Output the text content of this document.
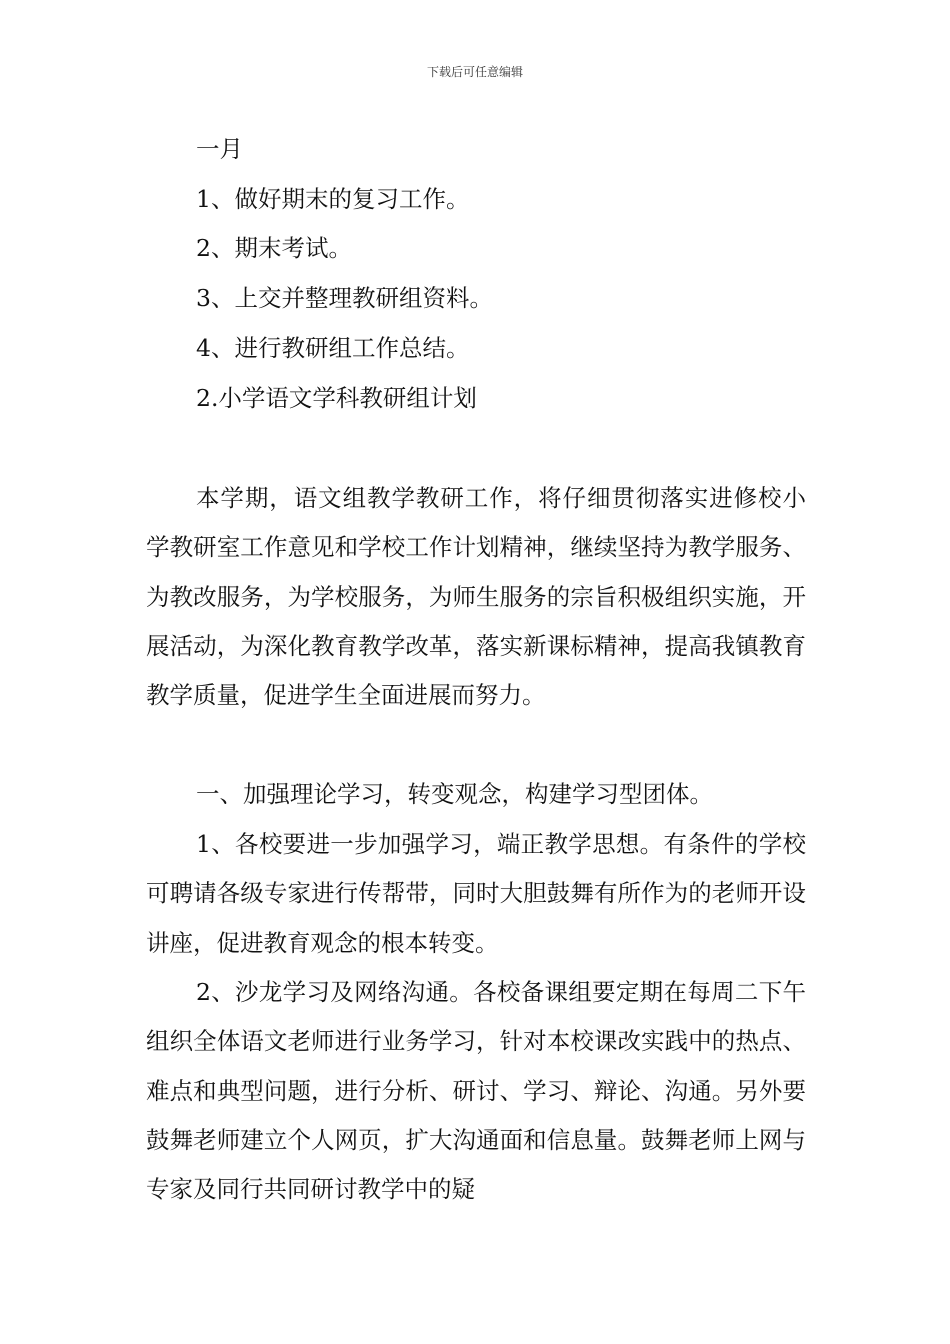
下载后可任意编辑
一月
1、做好期末的复习工作。
2、期末考试。
3、上交并整理教研组资料。
4、进行教研组工作总结。
2.小学语文学科教研组计划
本学期，语文组教学教研工作，将仔细贯彻落实进修校小学教研室工作意见和学校工作计划精神，继续坚持为教学服务、为教改服务，为学校服务，为师生服务的宗旨积极组织实施，开展活动，为深化教育教学改革，落实新课标精神，提高我镇教育教学质量，促进学生全面进展而努力。
一、加强理论学习，转变观念，构建学习型团体。
1、各校要进一步加强学习，端正教学思想。有条件的学校可聘请各级专家进行传帮带，同时大胆鼓舞有所作为的老师开设讲座，促进教育观念的根本转变。
2、沙龙学习及网络沟通。各校备课组要定期在每周二下午组织全体语文老师进行业务学习，针对本校课改实践中的热点、难点和典型问题，进行分析、研讨、学习、辩论、沟通。另外要鼓舞老师建立个人网页，扩大沟通面和信息量。鼓舞老师上网与专家及同行共同研讨教学中的疑
